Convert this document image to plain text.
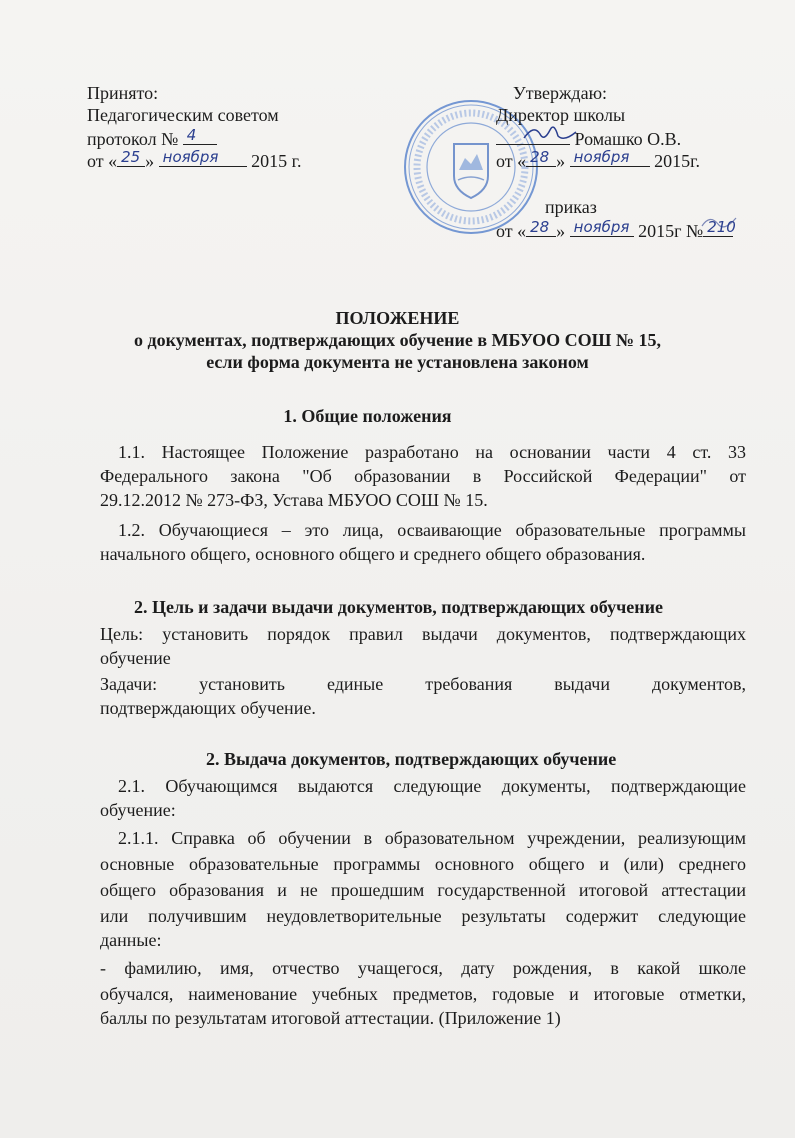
Принято:
Педагогическим советом
протокол № 4
от « 25 » ноября 2015 г.
Утверждаю:
Директор школы
Ромашко О.В.
от « 28 » ноября 2015г.
приказ
от « 28 » ноября 2015г № 210
ПОЛОЖЕНИЕ
о документах, подтверждающих обучение в МБУОО СОШ № 15,
если форма документа не установлена законом
1. Общие положения
1.1. Настоящее Положение разработано на основании части 4 ст. 33
Федерального закона "Об образовании в Российской Федерации" от
29.12.2012 № 273-ФЗ, Устава МБУОО СОШ № 15.
1.2. Обучающиеся – это лица, осваивающие образовательные программы
начального общего, основного общего и среднего общего образования.
2. Цель и задачи выдачи документов, подтверждающих обучение
Цель: установить порядок правил выдачи документов, подтверждающих
обучение
Задачи: установить единые требования выдачи документов,
подтверждающих обучение.
2. Выдача документов, подтверждающих обучение
2.1. Обучающимся выдаются следующие документы, подтверждающие
обучение:
2.1.1. Справка об обучении в образовательном учреждении, реализующим
основные образовательные программы основного общего и (или) среднего
общего образования и не прошедшим государственной итоговой аттестации
или получившим неудовлетворительные результаты содержит следующие
данные:
- фамилию, имя, отчество учащегося, дату рождения, в какой школе
обучался, наименование учебных предметов, годовые и итоговые отметки,
баллы по результатам итоговой аттестации. (Приложение 1)
